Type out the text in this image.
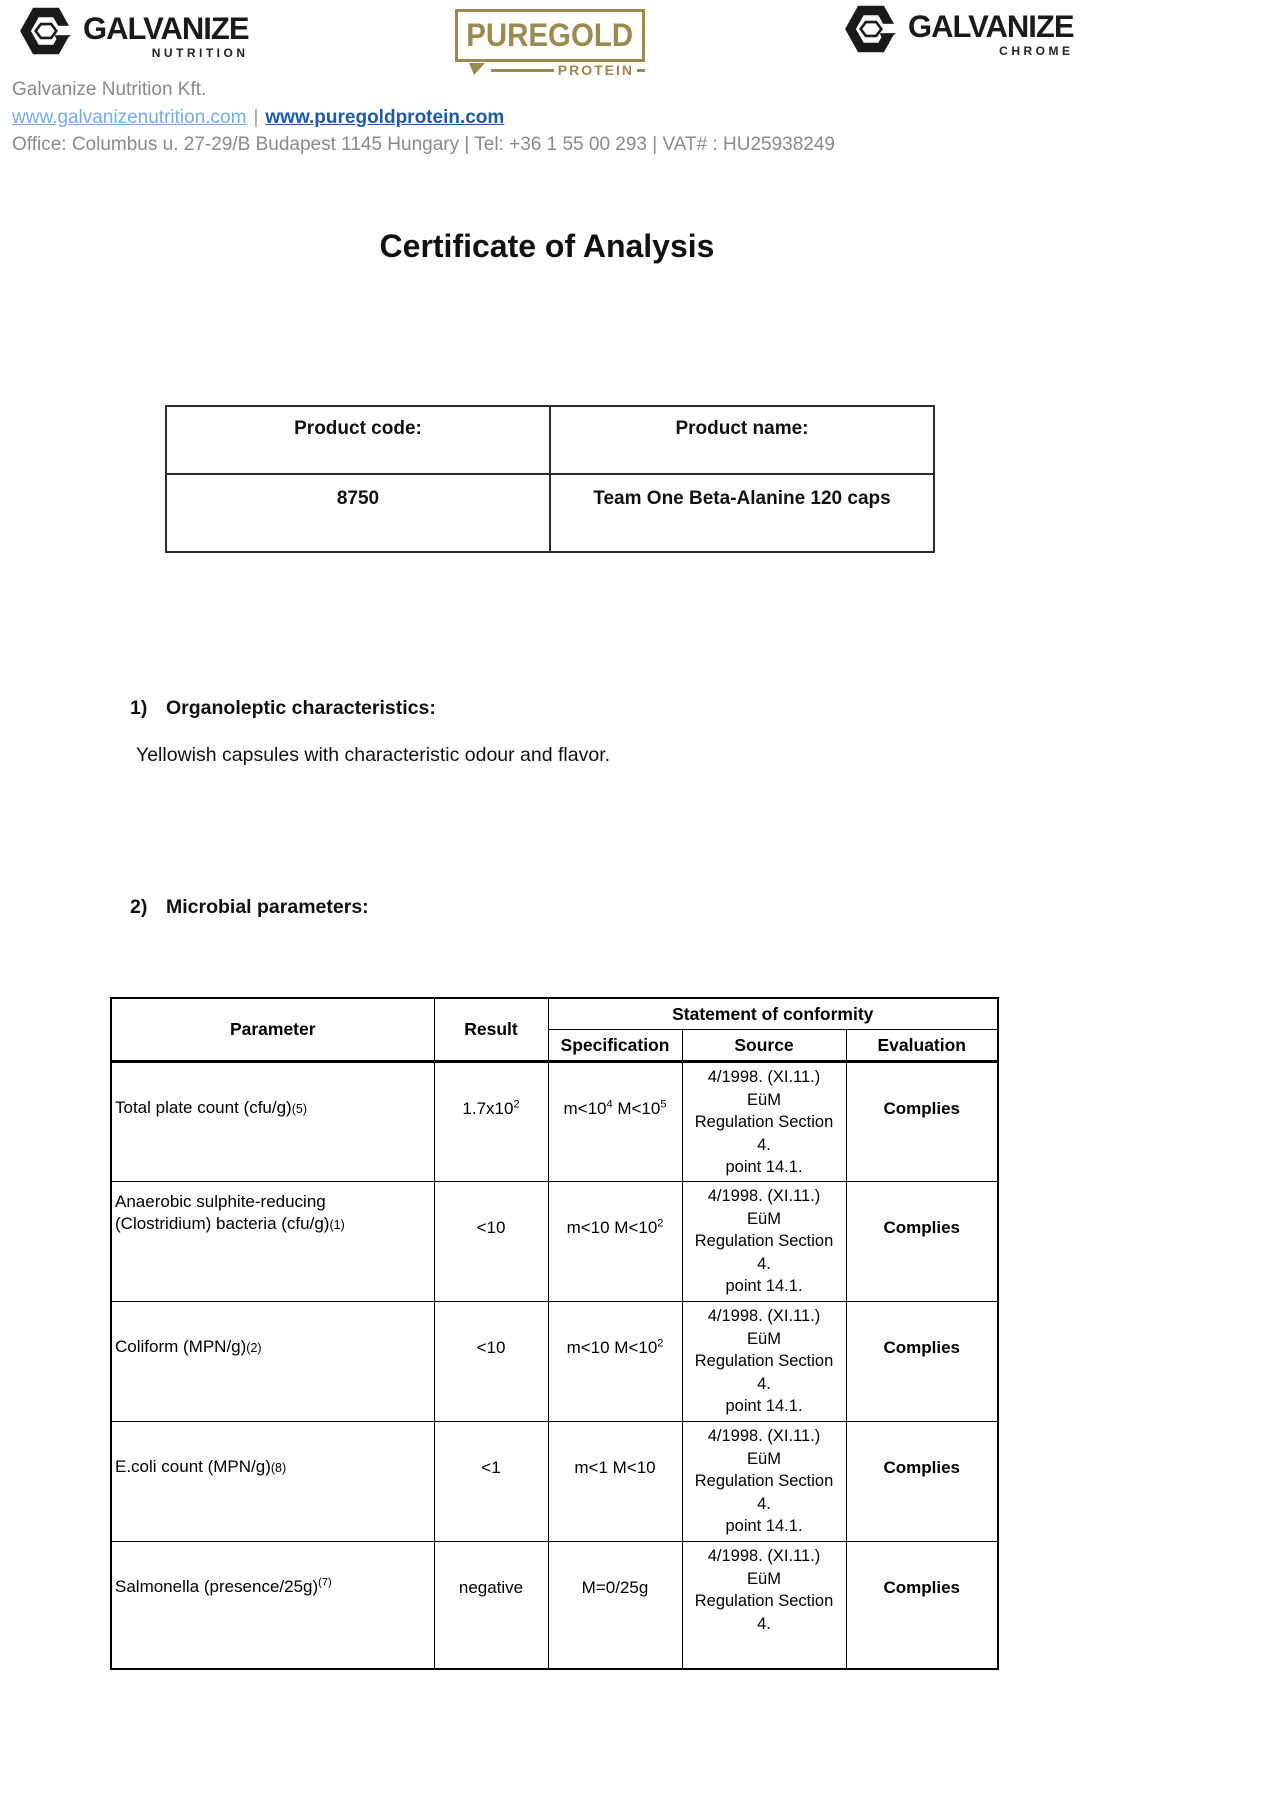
GALVANIZE
NUTRITION	PUREGOLD
PROTEIN
GALVANIZE
CHROME
Galvanize Nutrition Kft.
www.galvanizenutrition.com | www.puregoldprotein.com
Office: Columbus u. 27-29/B Budapest 1145 Hungary | Tel: +36 1 55 00 293 | VAT# : HU25938249
Certificate of Analysis
Product code:	Product name:
8750	Team One Beta-Alanine 120 caps
1) Organoleptic characteristics:
Yellowish capsules with characteristic odour and flavor.
2) Microbial parameters:
Parameter	Result	Statement of conformity		
		Specification	Source	Evaluation
Total plate count (cfu/g)(5)	$1.7x10^2$	$m<10^4$ $M<10^5$	4/1998. (XI.11.)
EüM
Regulation Section
4.
point 14.1.	Complies
Anaerobic sulphite-reducing
(Clostridium) bacteria (cfu/g)(1)	<10	m<10 $M<10^2$	4/1998. (XI.11.)
EüM
Regulation Section
4.
point 14.1.	Complies
Coliform (MPN/g)(2)	<10	m<10 $M<10^2$	4/1998. (XI.11.)
EüM
Regulation Section
4.
point 14.1.	Complies
E.coli count (MPN/g)(8)	<1	m<1 M<10	4/1998. (XI.11.)
EüM
Regulation Section
4.
point 14.1.	Complies
Salmonella (presence/25g)$^{(7)}$	negative	M=0/25g	4/1998. (XI.11.)
EüM
Regulation Section
4.	Complies
